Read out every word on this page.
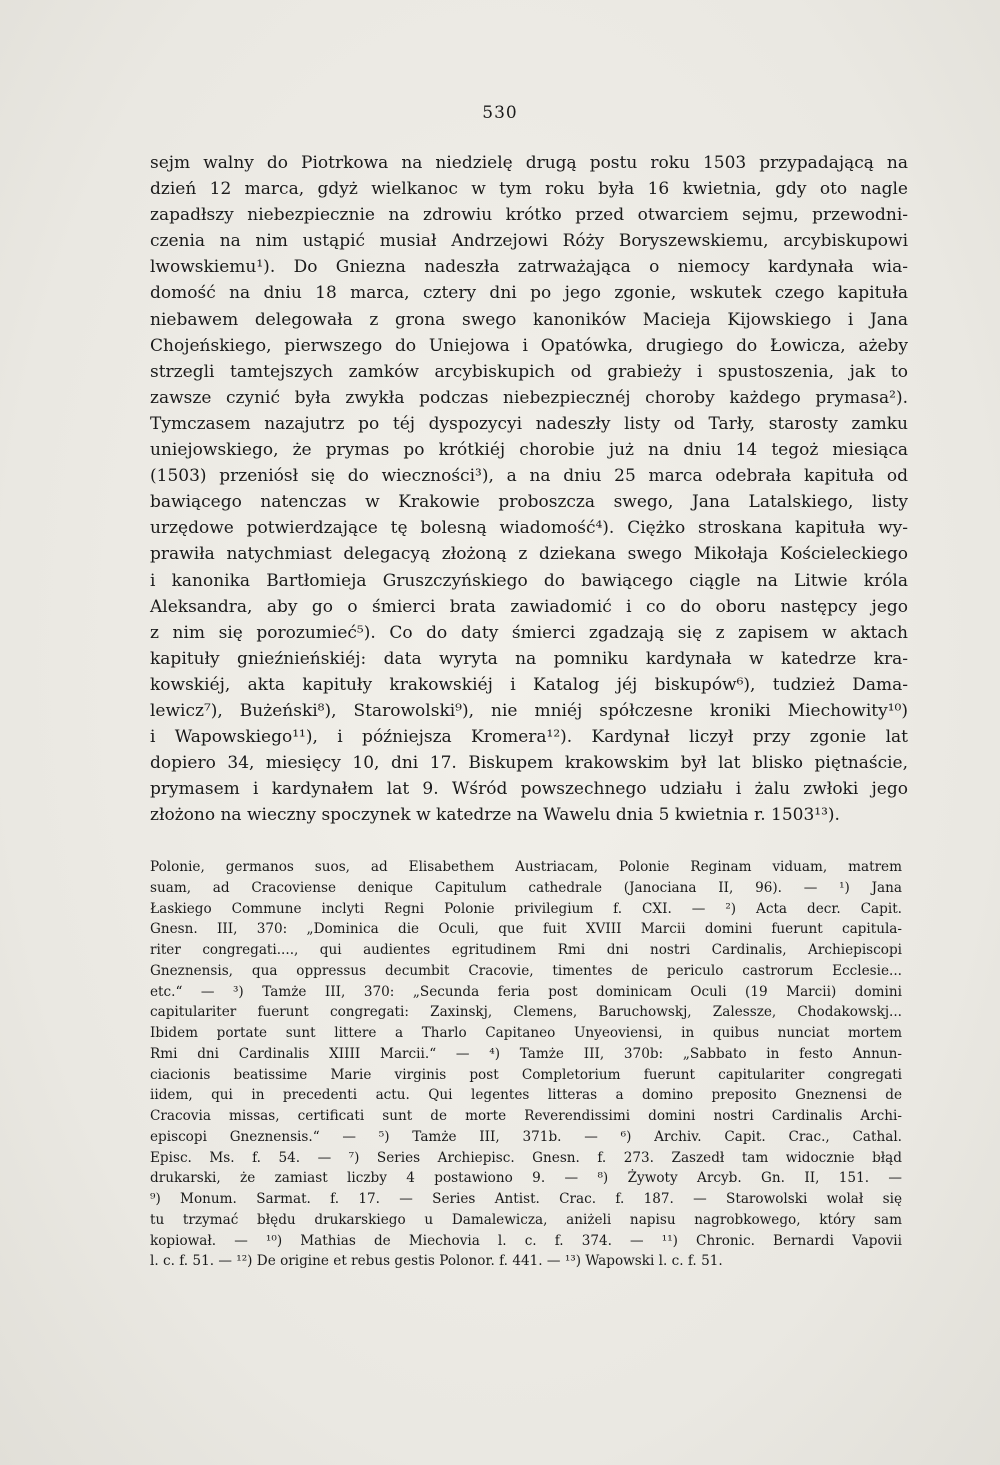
530
sejm walny do Piotrkowa na niedzielę drugą postu roku 1503 przypadającą na
dzień 12 marca, gdyż wielkanoc w tym roku była 16 kwietnia, gdy oto nagle
zapadłszy niebezpiecznie na zdrowiu krótko przed otwarciem sejmu, przewodni-
czenia na nim ustąpić musiał Andrzejowi Róży Boryszewskiemu, arcybiskupowi
lwowskiemu¹). Do Gniezna nadeszła zatrważająca o niemocy kardynała wia-
domość na dniu 18 marca, cztery dni po jego zgonie, wskutek czego kapituła
niebawem delegowała z grona swego kanoników Macieja Kijowskiego i Jana
Chojeńskiego, pierwszego do Uniejowa i Opatówka, drugiego do Łowicza, ażeby
strzegli tamtejszych zamków arcybiskupich od grabieży i spustoszenia, jak to
zawsze czynić była zwykła podczas niebezpiecznéj choroby każdego prymasa²).
Tymczasem nazajutrz po téj dyspozycyi nadeszły listy od Tarły, starosty zamku
uniejowskiego, że prymas po krótkiéj chorobie już na dniu 14 tegoż miesiąca
(1503) przeniósł się do wieczności³), a na dniu 25 marca odebrała kapituła od
bawiącego natenczas w Krakowie proboszcza swego, Jana Latalskiego, listy
urzędowe potwierdzające tę bolesną wiadomość⁴). Ciężko stroskana kapituła wy-
prawiła natychmiast delegacyą złożoną z dziekana swego Mikołaja Kościeleckiego
i kanonika Bartłomieja Gruszczyńskiego do bawiącego ciągle na Litwie króla
Aleksandra, aby go o śmierci brata zawiadomić i co do oboru następcy jego
z nim się porozumieć⁵). Co do daty śmierci zgadzają się z zapisem w aktach
kapituły gnieźnieńskiéj: data wyryta na pomniku kardynała w katedrze kra-
kowskiéj, akta kapituły krakowskiéj i Katalog jéj biskupów⁶), tudzież Dama-
lewicz⁷), Bużeński⁸), Starowolski⁹), nie mniéj spółczesne kroniki Miechowity¹⁰)
i Wapowskiego¹¹), i późniejsza Kromera¹²). Kardynał liczył przy zgonie lat
dopiero 34, miesięcy 10, dni 17. Biskupem krakowskim był lat blisko piętnaście,
prymasem i kardynałem lat 9. Wśród powszechnego udziału i żalu zwłoki jego
złożono na wieczny spoczynek w katedrze na Wawelu dnia 5 kwietnia r. 1503¹³).
Polonie, germanos suos, ad Elisabethem Austriacam, Polonie Reginam viduam, matrem
suam, ad Cracoviense denique Capitulum cathedrale (Janociana II, 96). — ¹) Jana
Łaskiego Commune inclyti Regni Polonie privilegium f. CXI. — ²) Acta decr. Capit.
Gnesn. III, 370: „Dominica die Oculi, que fuit XVIII Marcii domini fuerunt capitula-
riter congregati...., qui audientes egritudinem Rmi dni nostri Cardinalis, Archiepiscopi
Gneznensis, qua oppressus decumbit Cracovie, timentes de periculo castrorum Ecclesie...
etc.“ — ³) Tamże III, 370: „Secunda feria post dominicam Oculi (19 Marcii) domini
capitulariter fuerunt congregati: Zaxinskj, Clemens, Baruchowskj, Zalessze, Chodakowskj...
Ibidem portate sunt littere a Tharlo Capitaneo Unyeoviensi, in quibus nunciat mortem
Rmi dni Cardinalis XIIII Marcii.“ — ⁴) Tamże III, 370b: „Sabbato in festo Annun-
ciacionis beatissime Marie virginis post Completorium fuerunt capitulariter congregati
iidem, qui in precedenti actu. Qui legentes litteras a domino preposito Gneznensi de
Cracovia missas, certificati sunt de morte Reverendissimi domini nostri Cardinalis Archi-
episcopi Gneznensis.“ — ⁵) Tamże III, 371b. — ⁶) Archiv. Capit. Crac., Cathal.
Episc. Ms. f. 54. — ⁷) Series Archiepisc. Gnesn. f. 273. Zaszedł tam widocznie błąd
drukarski, że zamiast liczby 4 postawiono 9. — ⁸) Żywoty Arcyb. Gn. II, 151. —
⁹) Monum. Sarmat. f. 17. — Series Antist. Crac. f. 187. — Starowolski wolał się
tu trzymać błędu drukarskiego u Damalewicza, aniżeli napisu nagrobkowego, który sam
kopiował. — ¹⁰) Mathias de Miechovia l. c. f. 374. — ¹¹) Chronic. Bernardi Vapovii
l. c. f. 51. — ¹²) De origine et rebus gestis Polonor. f. 441. — ¹³) Wapowski l. c. f. 51.
